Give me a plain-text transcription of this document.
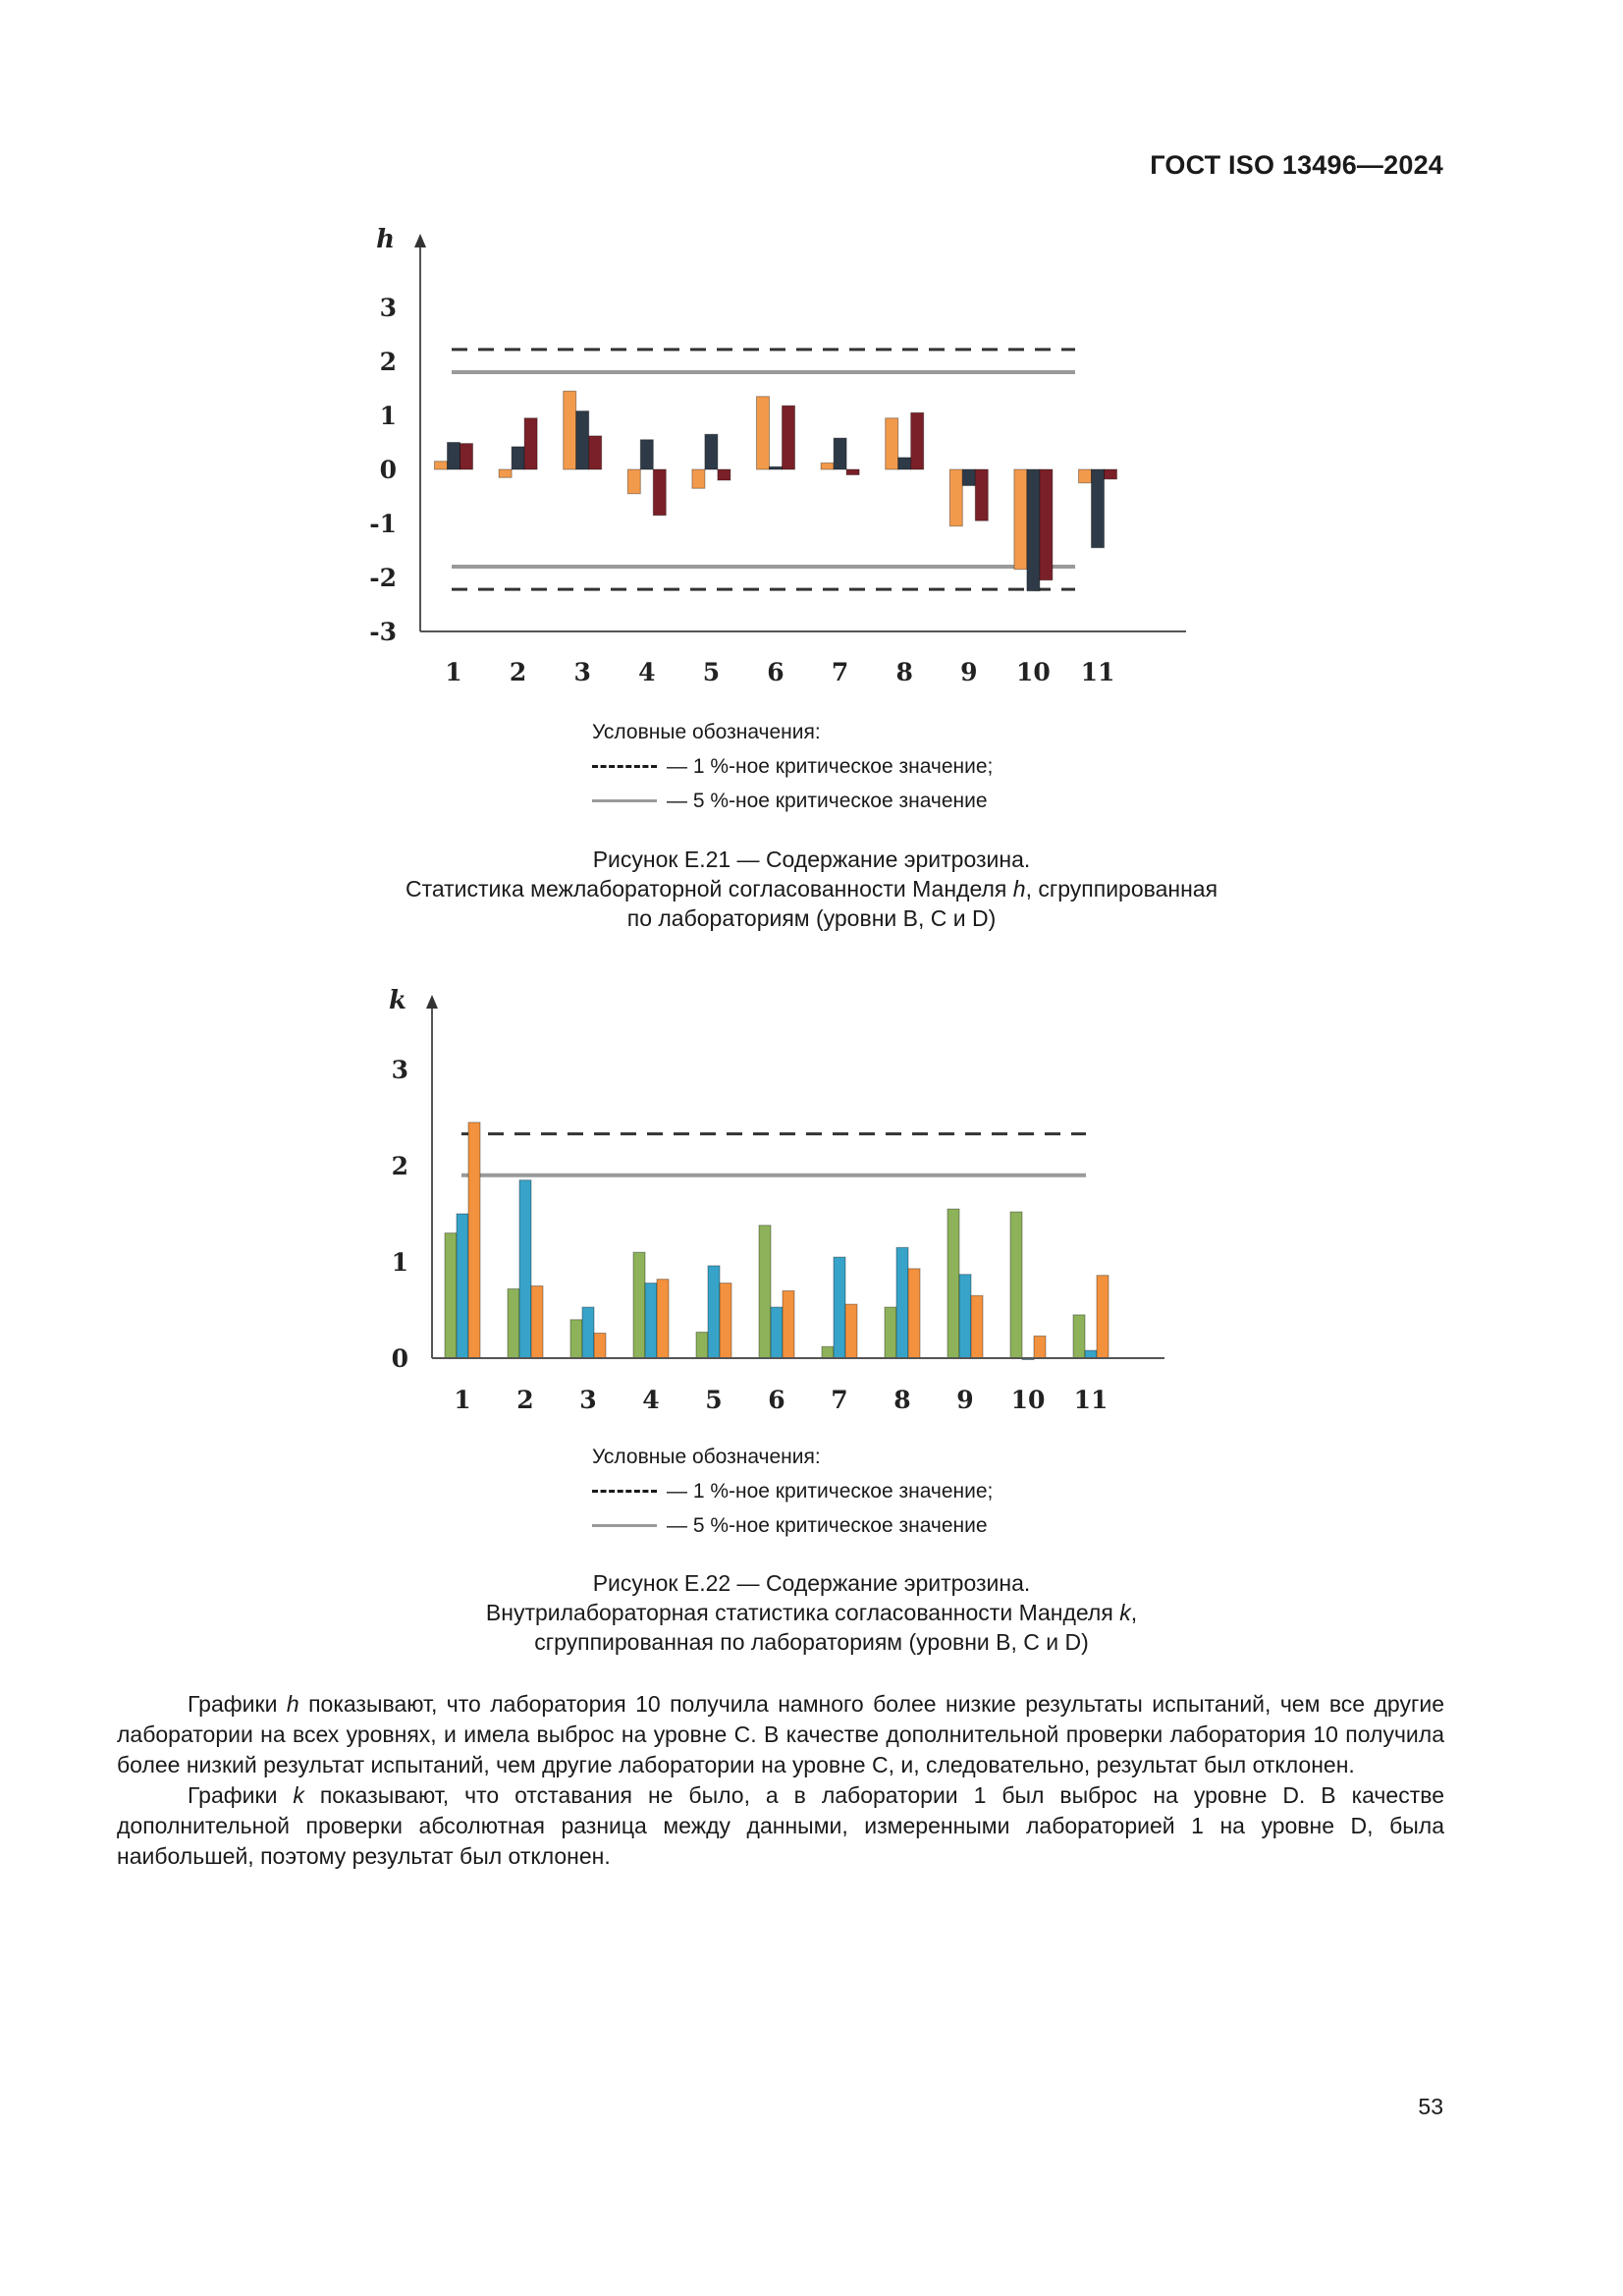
ГОСТ ISO 13496—2024
1 2 3 4 5 6 7 8 9 10 11
3
2
1
0
-1
-2
-3
h
Условные обозначения:
— 1 %-ное критическое значение;
— 5 %-ное критическое значение
Рисунок Е.21 — Содержание эритрозина.
Статистика межлабораторной согласованности Манделя h, сгруппированная
по лабораториям (уровни B, C и D)
1 2 3 4 5 6 7 8 9 10 11
3
2
1
0
k
Условные обозначения:
— 1 %-ное критическое значение;
— 5 %-ное критическое значение
Рисунок Е.22 — Содержание эритрозина.
Внутрилабораторная статистика согласованности Манделя k,
сгруппированная по лабораториям (уровни B, C и D)

Графики h показывают, что лаборатория 10 получила намного более низкие результаты испытаний, чем все другие лаборатории на всех уровнях, и имела выброс на уровне С. В качестве дополнительной проверки лаборатория 10 получила более низкий результат испытаний, чем другие лаборатории на уровне С, и, следовательно, результат был отклонен.

Графики k показывают, что отставания не было, а в лаборатории 1 был выброс на уровне D. В качестве дополнительной проверки абсолютная разница между данными, измеренными лабораторией 1 на уровне D, была наибольшей, поэтому результат был отклонен.

53
